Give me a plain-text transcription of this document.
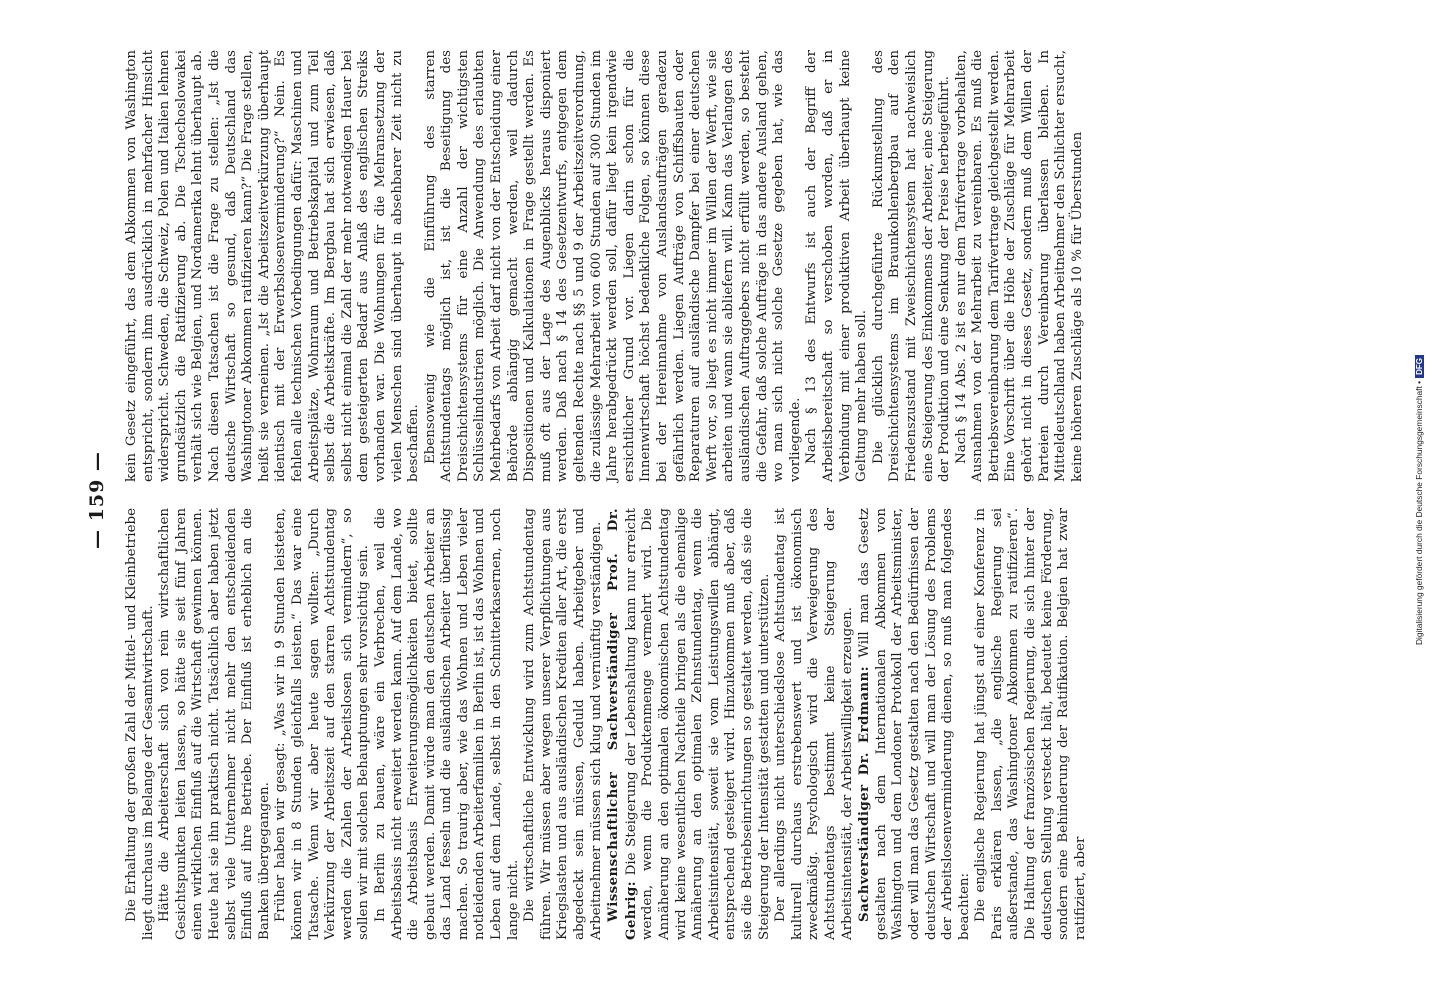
— 159 —

Die Erhaltung der großen Zahl der Mittel- und Kleinbetriebe liegt durchaus im Belange der Gesamtwirtschaft. Hätte die Arbeiterschaft sich von rein wirtschaftlichen Gesichtspunkten leiten lassen, so hätte sie seit fünf Jahren einen wirklichen Einfluß auf die Wirtschaft gewinnen können. Heute hat sie ihn praktisch nicht. Tatsächlich aber haben jetzt selbst viele Unternehmer nicht mehr den entscheidenden Einfluß auf ihre Betriebe. Der Einfluß ist erheblich an die Banken übergegangen. Früher haben wir gesagt: „Was wir in 9 Stunden leisteten, können wir in 8 Stunden gleichfalls leisten.“ Das war eine Tatsache. Wenn wir aber heute sagen wollten: „Durch Verkürzung der Arbeitszeit auf den starren Achtstundentag werden die Zahlen der Arbeitslosen sich vermindern“, so sollen wir mit solchen Behauptungen sehr vorsichtig sein. In Berlin zu bauen, wäre ein Verbrechen, weil die Arbeitsbasis nicht erweitert werden kann. Auf dem Lande, wo die Arbeitsbasis Erweiterungsmöglichkeiten bietet, sollte gebaut werden. Damit würde man den deutschen Arbeiter an das Land fesseln und die ausländischen Arbeiter überflüssig machen. So traurig aber, wie das Wohnen und Leben vieler notleidenden Arbeiterfamilien in Berlin ist, ist das Wohnen und Leben auf dem Lande, selbst in den Schnitterkasernen, noch lange nicht. Die wirtschaftliche Entwicklung wird zum Achtstundentag führen. Wir müssen aber wegen unserer Verpflichtungen aus Kriegslasten und aus ausländischen Krediten aller Art, die erst abgedeckt sein müssen, Geduld haben. Arbeitgeber und Arbeitnehmer müssen sich klug und vernünftig verständigen. Wissenschaftlicher Sachverständiger Prof. Dr. Gehrig: Die Steigerung der Lebenshaltung kann nur erreicht werden, wenn die Produktenmenge vermehrt wird. Die Annäherung an den optimalen ökonomischen Achtstundentag wird keine wesentlichen Nachteile bringen als die ehemalige Annäherung an den optimalen Zehnstundentag, wenn die Arbeitsintensität, soweit sie vom Leistungswillen abhängt, entsprechend gesteigert wird. Hinzukommen muß aber, daß sie die Betriebseinrichtungen so gestaltet werden, daß sie die Steigerung der Intensität gestatten und unterstützen. Der allerdings nicht unterschiedslose Achtstundentag ist kulturell durchaus erstrebenswert und ist ökonomisch zweckmäßig. Psychologisch wird die Verweigerung des Achtstundentags bestimmt keine Steigerung der Arbeitsintensität, der Arbeitswilligkeit erzeugen. Sachverständiger Dr. Erdmann: Will man das Gesetz gestalten nach dem Internationalen Abkommen von Washington und dem Londoner Protokoll der Arbeitsminister, oder will man das Gesetz gestalten nach den Bedürfnissen der deutschen Wirtschaft und will man der Lösung des Problems der Arbeitslosenverminderung dienen, so muß man folgendes beachten: Die englische Regierung hat jüngst auf einer Konferenz in Paris erklären lassen, „die englische Regierung sei außerstande, das Washingtoner Abkommen zu ratifizieren“. Die Haltung der französischen Regierung, die sich hinter der deutschen Stellung versteckt hält, bedeutet keine Förderung, sondern eine Behinderung der Ratifikation. Belgien hat zwar ratifiziert, aber

kein Gesetz eingeführt, das dem Abkommen von Washington entspricht, sondern ihm ausdrücklich in mehrfacher Hinsicht widerspricht. Schweden, die Schweiz, Polen und Italien lehnen grundsätzlich die Ratifizierung ab. Die Tschechoslowakei verhält sich wie Belgien, und Nordamerika lehnt überhaupt ab. Nach diesen Tatsachen ist die Frage zu stellen: „Ist die deutsche Wirtschaft so gesund, daß Deutschland das Washingtoner Abkommen ratifizieren kann?“ Die Frage stellen, heißt sie verneinen. „Ist die Arbeitszeitverkürzung überhaupt identisch mit der Erwerbslosenverminderung?“ Nein. Es fehlen alle technischen Vorbedingungen dafür: Maschinen und Arbeitsplätze, Wohnraum und Betriebskapital und zum Teil selbst die Arbeitskräfte. Im Bergbau hat sich erwiesen, daß selbst nicht einmal die Zahl der mehr notwendigen Hauer bei dem gesteigerten Bedarf aus Anlaß des englischen Streiks vorhanden war. Die Wohnungen für die Mehransetzung der vielen Menschen sind überhaupt in absehbarer Zeit nicht zu beschaffen. Ebensowenig wie die Einführung des starren Achtstundentags möglich ist, ist die Beseitigung des Dreischichtensystems für eine Anzahl der wichtigsten Schlüsselindustrien möglich. Die Anwendung des erlaubten Mehrbedarfs von Arbeit darf nicht von der Entscheidung einer Behörde abhängig gemacht werden, weil dadurch Dispositionen und Kalkulationen in Frage gestellt werden. Es muß oft aus der Lage des Augenblicks heraus disponiert werden. Daß nach § 14 des Gesetzentwurfs, entgegen dem geltenden Rechte nach §§ 5 und 9 der Arbeitszeitverordnung, die zulässige Mehrarbeit von 600 Stunden auf 300 Stunden im Jahre herabgedrückt werden soll, dafür liegt kein irgendwie ersichtlicher Grund vor. Liegen darin schon für die Innenwirtschaft höchst bedenkliche Folgen, so können diese bei der Hereinnahme von Auslandsaufträgen geradezu gefährlich werden. Liegen Aufträge von Schiffsbauten oder Reparaturen auf ausländische Dampfer bei einer deutschen Werft vor, so liegt es nicht immer im Willen der Werft, wie sie arbeiten und wann sie abliefern will. Kann das Verlangen des ausländischen Auftraggebers nicht erfüllt werden, so besteht die Gefahr, daß solche Aufträge in das andere Ausland gehen, wo man sich nicht solche Gesetze gegeben hat, wie das vorliegende. Nach § 13 des Entwurfs ist auch der Begriff der Arbeitsbereitschaft so verschoben worden, daß er in Verbindung mit einer produktiven Arbeit überhaupt keine Geltung mehr haben soll. Die glücklich durchgeführte Rückumstellung des Dreischichtensystems im Braunkohlenbergbau auf den Friedenszustand mit Zweischichtensystem hat nachweislich eine Steigerung des Einkommens der Arbeiter, eine Steigerung der Produktion und eine Senkung der Preise herbeigeführt. Nach § 14 Abs. 2 ist es nur dem Tarifvertrage vorbehalten, Ausnahmen von der Mehrarbeit zu vereinbaren. Es muß die Betriebsvereinbarung dem Tarifvertrage gleichgestellt werden. Eine Vorschrift über die Höhe der Zuschläge für Mehrarbeit gehört nicht in dieses Gesetz, sondern muß dem Willen der Parteien durch Vereinbarung überlassen bleiben. In Mitteldeutschland haben Arbeitnehmer den Schlichter ersucht, keine höheren Zuschläge als 10 % für Überstunden

Digitalisierung gefördert durch die Deutsche Forschungsgemeinschaft •DFG
